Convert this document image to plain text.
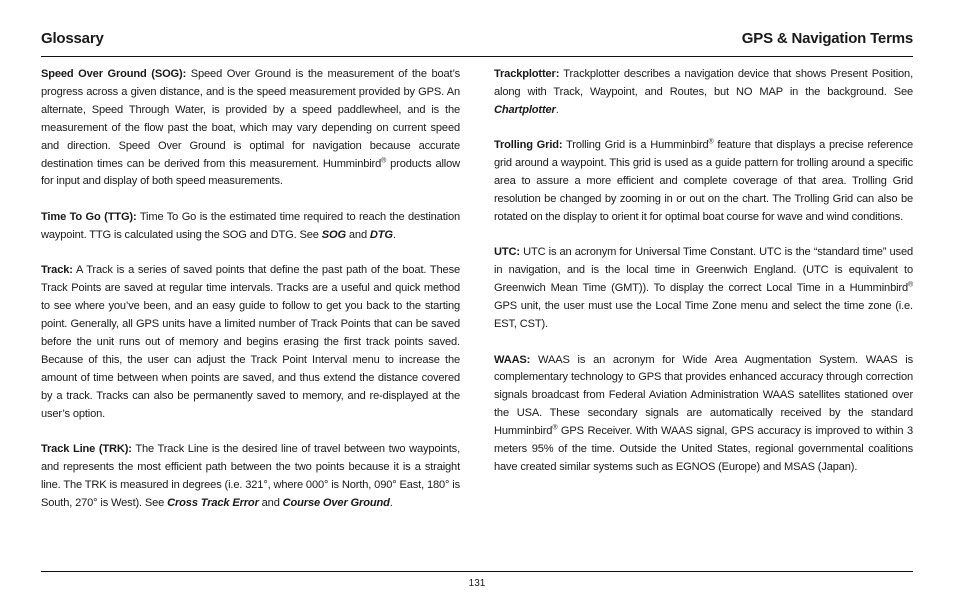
Glossary	GPS & Navigation Terms

Speed Over Ground (SOG): Speed Over Ground is the measurement of the boat’s progress across a given distance, and is the speed measurement provided by GPS. An alternate, Speed Through Water, is provided by a speed paddlewheel, and is the measurement of the flow past the boat, which may vary depending on current speed and direction. Speed Over Ground is optimal for navigation because accurate destination times can be derived from this measurement. Humminbird® products allow for input and display of both speed measurements.

Time To Go (TTG): Time To Go is the estimated time required to reach the destination waypoint. TTG is calculated using the SOG and DTG. See SOG and DTG.

Track: A Track is a series of saved points that define the past path of the boat. These Track Points are saved at regular time intervals. Tracks are a useful and quick method to see where you’ve been, and an easy guide to follow to get you back to the starting point. Generally, all GPS units have a limited number of Track Points that can be saved before the unit runs out of memory and begins erasing the first track points saved. Because of this, the user can adjust the Track Point Interval menu to increase the amount of time between when points are saved, and thus extend the distance covered by a track. Tracks can also be permanently saved to memory, and re-displayed at the user’s option.

Track Line (TRK): The Track Line is the desired line of travel between two waypoints, and represents the most efficient path between the two points because it is a straight line. The TRK is measured in degrees (i.e. 321°, where 000° is North, 090° East, 180° is South, 270° is West). See Cross Track Error and Course Over Ground.

Trackplotter: Trackplotter describes a navigation device that shows Present Position, along with Track, Waypoint, and Routes, but NO MAP in the background. See Chartplotter.

Trolling Grid: Trolling Grid is a Humminbird® feature that displays a precise reference grid around a waypoint. This grid is used as a guide pattern for trolling around a specific area to assure a more efficient and complete coverage of that area. Trolling Grid resolution be changed by zooming in or out on the chart. The Trolling Grid can also be rotated on the display to orient it for optimal boat course for wave and wind conditions.

UTC: UTC is an acronym for Universal Time Constant. UTC is the “standard time” used in navigation, and is the local time in Greenwich England. (UTC is equivalent to Greenwich Mean Time (GMT)). To display the correct Local Time in a Humminbird® GPS unit, the user must use the Local Time Zone menu and select the time zone (i.e. EST, CST).

WAAS: WAAS is an acronym for Wide Area Augmentation System. WAAS is complementary technology to GPS that provides enhanced accuracy through correction signals broadcast from Federal Aviation Administration WAAS satellites stationed over the USA. These secondary signals are automatically received by the standard Humminbird® GPS Receiver. With WAAS signal, GPS accuracy is improved to within 3 meters 95% of the time. Outside the United States, regional governmental coalitions have created similar systems such as EGNOS (Europe) and MSAS (Japan).

131
